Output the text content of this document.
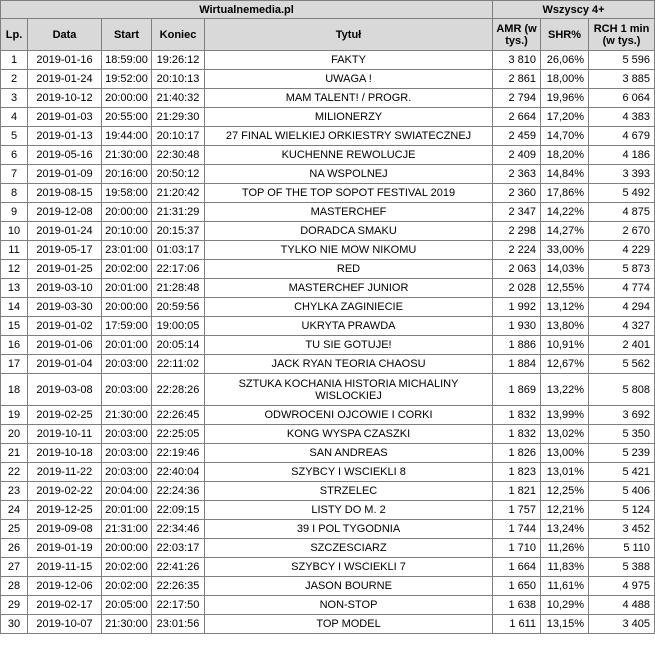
Wirtualnemedia.pl					Wszyscy 4+		
Lp.	Data	Start	Koniec	Tytuł	AMR (w tys.)	SHR%	RCH 1 min (w tys.)
1	2019-01-16	18:59:00	19:26:12	FAKTY	3 810	26,06%	5 596
2	2019-01-24	19:52:00	20:10:13	UWAGA !	2 861	18,00%	3 885
3	2019-10-12	20:00:00	21:40:32	MAM TALENT! / PROGR.	2 794	19,96%	6 064
4	2019-01-03	20:55:00	21:29:30	MILIONERZY	2 664	17,20%	4 383
5	2019-01-13	19:44:00	20:10:17	27 FINAL WIELKIEJ ORKIESTRY SWIATECZNEJ	2 459	14,70%	4 679
6	2019-05-16	21:30:00	22:30:48	KUCHENNE REWOLUCJE	2 409	18,20%	4 186
7	2019-01-09	20:16:00	20:50:12	NA WSPOLNEJ	2 363	14,84%	3 393
8	2019-08-15	19:58:00	21:20:42	TOP OF THE TOP SOPOT FESTIVAL 2019	2 360	17,86%	5 492
9	2019-12-08	20:00:00	21:31:29	MASTERCHEF	2 347	14,22%	4 875
10	2019-01-24	20:10:00	20:15:37	DORADCA SMAKU	2 298	14,27%	2 670
11	2019-05-17	23:01:00	01:03:17	TYLKO NIE MOW NIKOMU	2 224	33,00%	4 229
12	2019-01-25	20:02:00	22:17:06	RED	2 063	14,03%	5 873
13	2019-03-10	20:01:00	21:28:48	MASTERCHEF JUNIOR	2 028	12,55%	4 774
14	2019-03-30	20:00:00	20:59:56	CHYLKA ZAGINIECIE	1 992	13,12%	4 294
15	2019-01-02	17:59:00	19:00:05	UKRYTA PRAWDA	1 930	13,80%	4 327
16	2019-01-06	20:01:00	20:05:14	TU SIE GOTUJE!	1 886	10,91%	2 401
17	2019-01-04	20:03:00	22:11:02	JACK RYAN TEORIA CHAOSU	1 884	12,67%	5 562
18	2019-03-08	20:03:00	22:28:26	SZTUKA KOCHANIA HISTORIA MICHALINY WISLOCKIEJ	1 869	13,22%	5 808
19	2019-02-25	21:30:00	22:26:45	ODWROCENI OJCOWIE I CORKI	1 832	13,99%	3 692
20	2019-10-11	20:03:00	22:25:05	KONG WYSPA CZASZKI	1 832	13,02%	5 350
21	2019-10-18	20:03:00	22:19:46	SAN ANDREAS	1 826	13,00%	5 239
22	2019-11-22	20:03:00	22:40:04	SZYBCY I WSCIEKLI 8	1 823	13,01%	5 421
23	2019-02-22	20:04:00	22:24:36	STRZELEC	1 821	12,25%	5 406
24	2019-12-25	20:01:00	22:09:15	LISTY DO M. 2	1 757	12,21%	5 124
25	2019-09-08	21:31:00	22:34:46	39 I POL TYGODNIA	1 744	13,24%	3 452
26	2019-01-19	20:00:00	22:03:17	SZCZESCIARZ	1 710	11,26%	5 110
27	2019-11-15	20:02:00	22:41:26	SZYBCY I WSCIEKLI 7	1 664	11,83%	5 388
28	2019-12-06	20:02:00	22:26:35	JASON BOURNE	1 650	11,61%	4 975
29	2019-02-17	20:05:00	22:17:50	NON-STOP	1 638	10,29%	4 488
30	2019-10-07	21:30:00	23:01:56	TOP MODEL	1 611	13,15%	3 405
